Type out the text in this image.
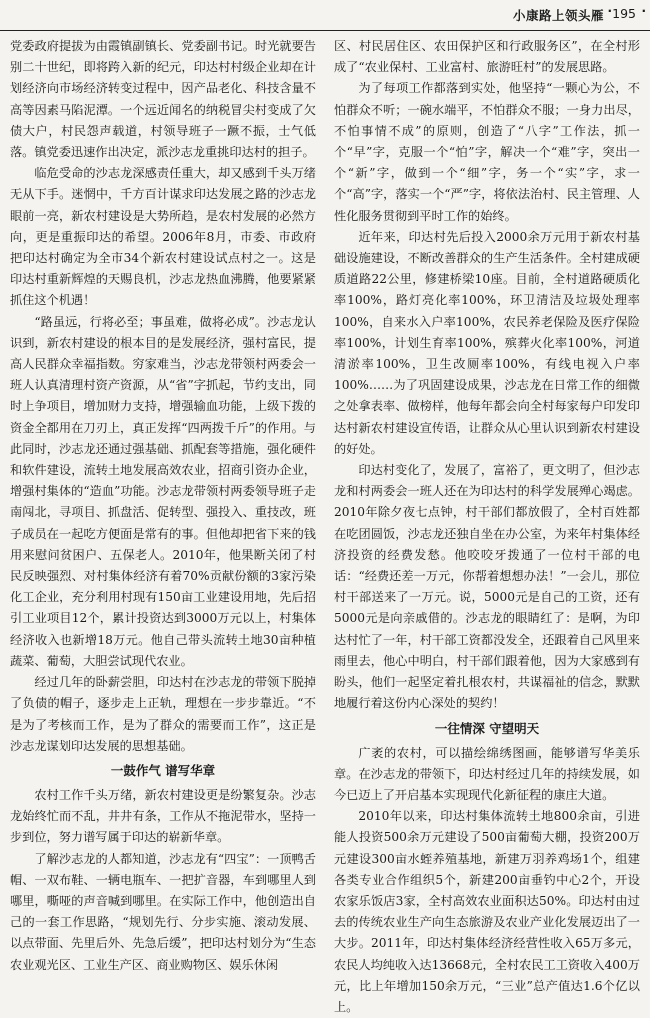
小康路上领头雁 · 195 ·

党委政府提拔为由霞镇副镇长、党委副书记。时光就要告别二十世纪，即将跨入新的纪元，印达村村级企业却在计划经济向市场经济转变过程中，因产品老化、科技含量不高等因素马陷泥潭。一个远近闻名的纳税冒尖村变成了欠债大户，村民怨声载道，村领导班子一蹶不振，士气低落。镇党委迅速作出决定，派沙志龙重挑印达村的担子。

临危受命的沙志龙深感责任重大，却又感到千头万绪无从下手。迷惘中，千方百计谋求印达发展之路的沙志龙眼前一亮，新农村建设是大势所趋，是农村发展的必然方向，更是重振印达的希望。2006年8月，市委、市政府把印达村确定为全市34个新农村建设试点村之一。这是印达村重新辉煌的天赐良机，沙志龙热血沸腾，他要紧紧抓住这个机遇！

“路虽远，行将必至；事虽难，做将必成”。沙志龙认识到，新农村建设的根本目的是发展经济，强村富民，提高人民群众幸福指数。穷家难当，沙志龙带领村两委会一班人认真清理村资产资源，从“省”字抓起，节约支出，同时上争项目，增加财力支持，增强输血功能，上级下拨的资金全都用在刀刃上，真正发挥“四两拨千斤”的作用。与此同时，沙志龙还通过强基础、抓配套等措施，强化硬件和软件建设，流转土地发展高效农业，招商引资办企业，增强村集体的“造血”功能。沙志龙带领村两委领导班子走南闯北，寻项目、抓盘活、促转型、强投入、重技改，班子成员在一起吃方便面是常有的事。但他却把省下来的钱用来慰问贫困户、五保老人。2010年，他果断关闭了村民反映强烈、对村集体经济有着70%贡献份额的3家污染化工企业，充分利用村现有150亩工业建设用地，先后招引工业项目12个，累计投资达到3000万元以上，村集体经济收入也新增18万元。他自己带头流转土地30亩种植蔬菜、葡萄，大胆尝试现代农业。

经过几年的卧薪尝胆，印达村在沙志龙的带领下脱掉了负债的帽子，逐步走上正轨，理想在一步步靠近。“不是为了考核而工作，是为了群众的需要而工作”，这正是沙志龙谋划印达发展的思想基础。

一鼓作气 谱写华章

农村工作千头万绪，新农村建设更是纷繁复杂。沙志龙始终忙而不乱，井井有条，工作从不拖泥带水，坚持一步到位，努力谱写属于印达的崭新华章。

了解沙志龙的人都知道，沙志龙有“四宝”：一顶鸭舌帽、一双布鞋、一辆电瓶车、一把扩音器，车到哪里人到哪里，嘶哑的声音喊到哪里。在实际工作中，他创造出自己的一套工作思路，“规划先行、分步实施、滚动发展、以点带面、先里后外、先急后缓”，把印达村划分为“生态农业观光区、工业生产区、商业购物区、娱乐休闲

区、村民居住区、农田保护区和行政服务区”，在全村形成了“农业保村、工业富村、旅游旺村”的发展思路。

为了每项工作都落到实处，他坚持“一颗心为公，不怕群众不听；一碗水端平，不怕群众不服；一身力出尽，不怕事情不成”的原则，创造了“八字”工作法，抓一个“早”字，克服一个“怕”字，解决一个“难”字，突出一个“新”字，做到一个“细”字，务一个“实”字，求一个“高”字，落实一个“严”字，将依法治村、民主管理、人性化服务贯彻到平时工作的始终。

近年来，印达村先后投入2000余万元用于新农村基础设施建设，不断改善群众的生产生活条件。全村建成硬质道路22公里，修建桥梁10座。目前，全村道路硬质化率100%，路灯亮化率100%，环卫清洁及垃圾处理率100%，自来水入户率100%，农民养老保险及医疗保险率100%，计划生育率100%，殡葬火化率100%，河道清淤率100%，卫生改厕率100%，有线电视入户率100%……为了巩固建设成果，沙志龙在日常工作的细微之处拿表率、做榜样，他每年都会向全村每家每户印发印达村新农村建设宣传语，让群众从心里认识到新农村建设的好处。

印达村变化了，发展了，富裕了，更文明了，但沙志龙和村两委会一班人还在为印达村的科学发展殚心竭虑。2010年除夕夜七点钟，村干部们都放假了，全村百姓都在吃团圆饭，沙志龙还独自坐在办公室，为来年村集体经济投资的经费发愁。他咬咬牙拨通了一位村干部的电话：“经费还差一万元，你帮着想想办法！”一会儿，那位村干部送来了一万元。说，5000元是自己的工资，还有5000元是向亲戚借的。沙志龙的眼睛红了：是啊，为印达村忙了一年，村干部工资都没发全，还跟着自己风里来雨里去，他心中明白，村干部们跟着他，因为大家感到有盼头，他们一起坚定着扎根农村，共谋福祉的信念，默默地履行着这份内心深处的契约！

一往情深 守望明天

广袤的农村，可以描绘绵绣图画，能够谱写华美乐章。在沙志龙的带领下，印达村经过几年的持续发展，如今已迈上了开启基本实现现代化新征程的康庄大道。

2010年以来，印达村集体流转土地800余亩，引进能人投资500余万元建设了500亩葡萄大棚，投资200万元建设300亩水蛭养殖基地，新建万羽养鸡场1个，组建各类专业合作组织5个，新建200亩垂钓中心2个，开设农家乐饭店3家，全村高效农业面积达50%。印达村由过去的传统农业生产向生态旅游及农业产业化发展迈出了一大步。2011年，印达村集体经济经营性收入65万多元，农民人均纯收入达13668元，全村农民工工资收入400万元，比上年增加150余万元，“三业”总产值达1.6个亿以上。
